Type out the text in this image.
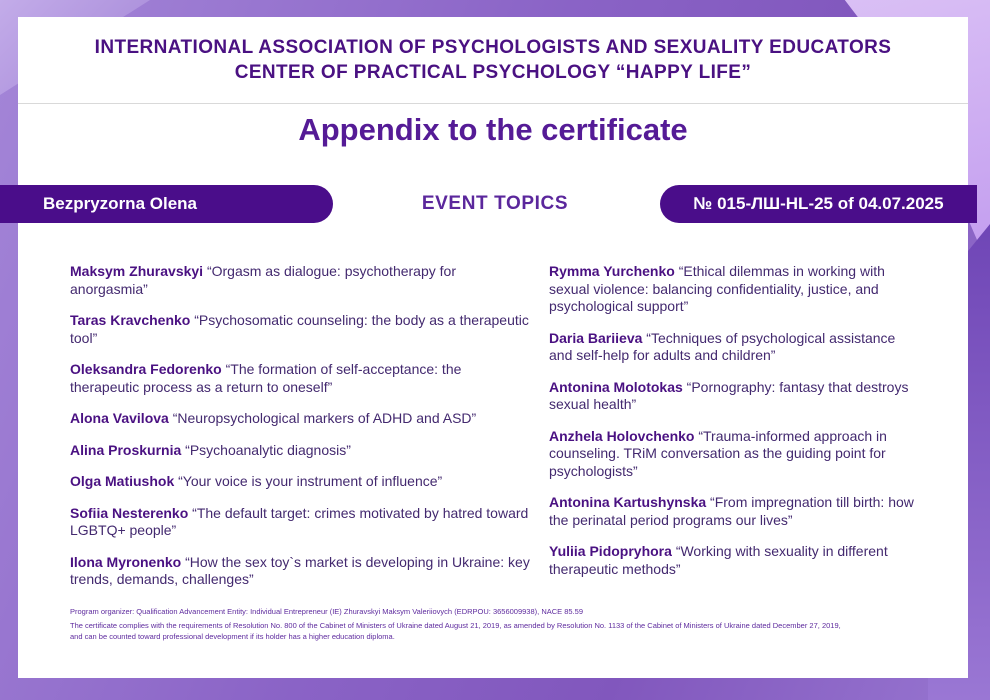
INTERNATIONAL ASSOCIATION OF PSYCHOLOGISTS AND SEXUALITY EDUCATORS
CENTER OF PRACTICAL PSYCHOLOGY “HAPPY LIFE”
Appendix to the certificate
Bezpryzorna Olena	EVENT TOPICS	№ 015-ЛШ-HL-25 of 04.07.2025
Maksym Zhuravskyi “Orgasm as dialogue: psychotherapy for anorgasmia”
Taras Kravchenko “Psychosomatic counseling: the body as a therapeutic tool”
Oleksandra Fedorenko “The formation of self-acceptance: the therapeutic process as a return to oneself”
Alona Vavilova “Neuropsychological markers of ADHD and ASD”
Alina Proskurnia “Psychoanalytic diagnosis”
Olga Matiushok “Your voice is your instrument of influence”
Sofiia Nesterenko “The default target: crimes motivated by hatred toward LGBTQ+ people”
Ilona Myronenko “How the sex toy`s market is developing in Ukraine: key trends, demands, challenges”
Rymma Yurchenko “Ethical dilemmas in working with sexual violence: balancing confidentiality, justice, and psychological support”
Daria Bariieva “Techniques of psychological assistance and self-help for adults and children”
Antonina Molotokas “Pornography: fantasy that destroys sexual health”
Anzhela Holovchenko “Trauma-informed approach in counseling. TRiM conversation as the guiding point for psychologists”
Antonina Kartushynska “From impregnation till birth: how the perinatal period programs our lives”
Yuliia Pidopryhora “Working with sexuality in different therapeutic methods”
Program organizer: Qualification Advancement Entity: Individual Entrepreneur (IE) Zhuravskyi Maksym Valeriiovych (EDRPOU: 3656009938), NACE 85.59
The certificate complies with the requirements of Resolution No. 800 of the Cabinet of Ministers of Ukraine dated August 21, 2019, as amended by Resolution No. 1133 of the Cabinet of Ministers of Ukraine dated December 27, 2019,
and can be counted toward professional development if its holder has a higher education diploma.
